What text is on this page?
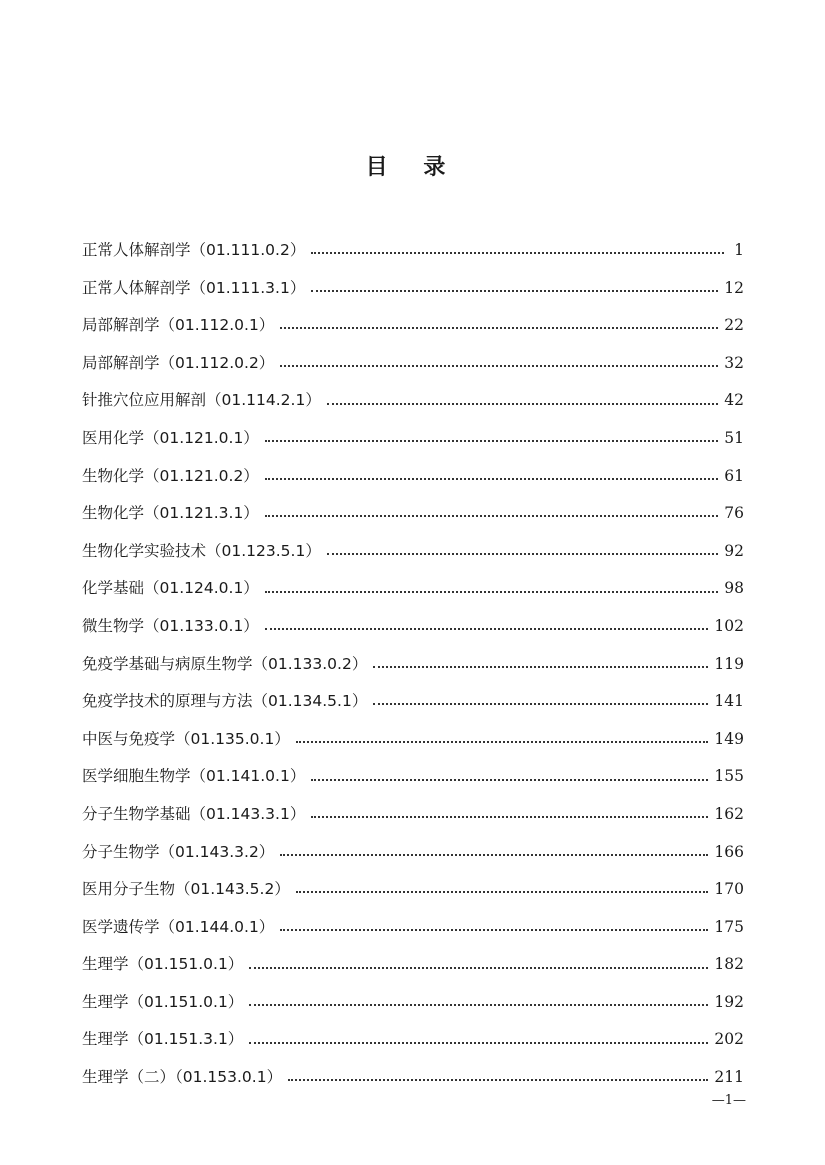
目 录
正常人体解剖学（01.111.0.2）	1
正常人体解剖学（01.111.3.1）	12
局部解剖学（01.112.0.1）	22
局部解剖学（01.112.0.2）	32
针推穴位应用解剖（01.114.2.1）	42
医用化学（01.121.0.1）	51
生物化学（01.121.0.2）	61
生物化学（01.121.3.1）	76
生物化学实验技术（01.123.5.1）	92
化学基础（01.124.0.1）	98
微生物学（01.133.0.1）	102
免疫学基础与病原生物学（01.133.0.2）	119
免疫学技术的原理与方法（01.134.5.1）	141
中医与免疫学（01.135.0.1）	149
医学细胞生物学（01.141.0.1）	155
分子生物学基础（01.143.3.1）	162
分子生物学（01.143.3.2）	166
医用分子生物（01.143.5.2）	170
医学遗传学（01.144.0.1）	175
生理学（01.151.0.1）	182
生理学（01.151.0.1）	192
生理学（01.151.3.1）	202
生理学（二）（01.153.0.1）	211
—1—
